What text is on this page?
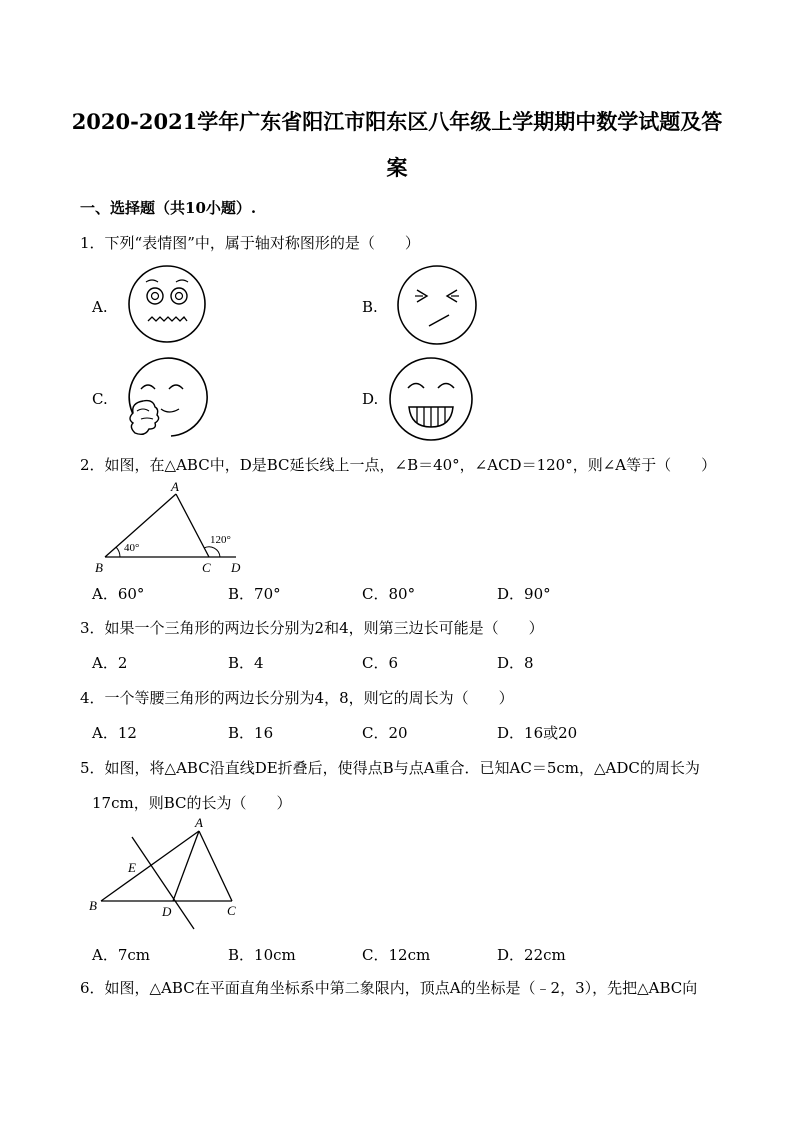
2020-2021学年广东省阳江市阳东区八年级上学期期中数学试题及答
案
一、选择题（共10小题）.
1．下列“表情图”中，属于轴对称图形的是（　　）
A.	B.
C.	D.
2．如图，在△ABC中，D是BC延长线上一点，∠B＝40°，∠ACD＝120°，则∠A等于（　　）
A
B	C D
40°
120°
A．60°	B．70°	C．80°	D．90°
3．如果一个三角形的两边长分别为2和4，则第三边长可能是（　　）
A．2	B．4	C．6	D．8
4．一个等腰三角形的两边长分别为4，8，则它的周长为（　　）
A．12	B．16	C．20	D．16或20
5．如图，将△ABC沿直线DE折叠后，使得点B与点A重合．已知AC＝5cm，△ADC的周长为
17cm，则BC的长为（　　）
A
B	C
D
E
A．7cm	B．10cm	C．12cm	D．22cm
6．如图，△ABC在平面直角坐标系中第二象限内，顶点A的坐标是（﹣2，3），先把△ABC向
